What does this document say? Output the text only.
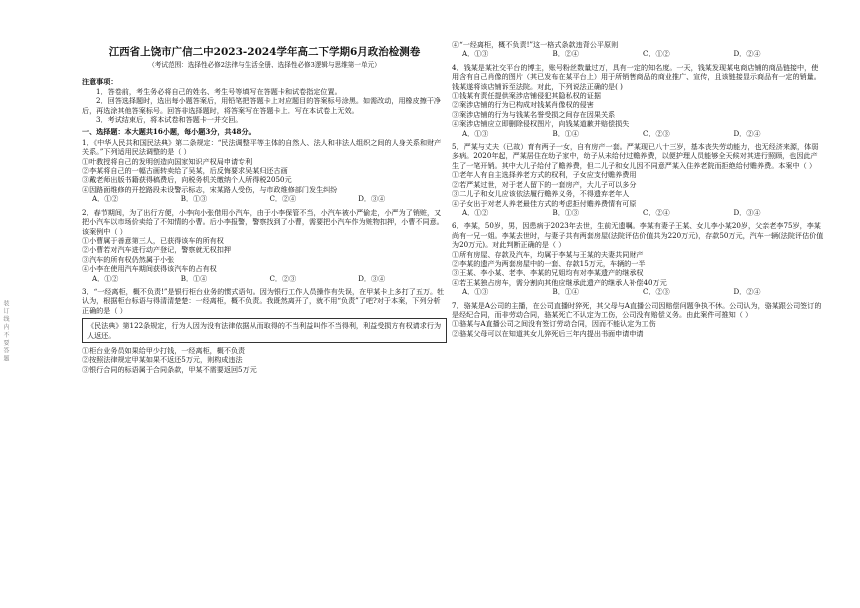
装 订 线 内 不 要 答 题
江西省上饶市广信二中2023-2024学年高二下学期6月政治检测卷
（考试范围：选择性必修2法律与生活全册、选择性必修3逻辑与思维第一单元）
注意事项：

1．答卷前，考生务必将自己的姓名、考生号等填写在答题卡和试卷指定位置。

2．回答选择题时，选出每小题答案后，用铅笔把答题卡上对应题目的答案标号涂黑。如需改动，用橡皮擦干净后，再选涂其他答案标号。回答非选择题时，将答案写在答题卡上．写在本试卷上无效。

3．考试结束后，将本试卷和答题卡一并交回。

一、选择题：本大题共16小题，每小题3分，共48分。

1．《中华人民共和国民法典》第二条规定：“民法调整平等主体的自然人、法人和非法人组织之间的人身关系和财产关系。”下列适用民法调整的是（ ）

①叶教授将自己的发明创造向国家知识产权局申请专利

②李某将自己的一幅古画转卖给了吴某，后反悔要求吴某归还古画

③戴老师出版书籍获得稿费后，向税务机关缴纳个人所得税2050元

④因路面维修的开挖路段未设警示标志，宋某路人受伤，与市政维修部门发生纠纷

A．①②	B．①③	C．②④	D．③④

2．春节期间，为了出行方便，小李向小张借用小汽车，由于小李保管不当，小汽车被小严偷走，小严为了销赃，又把小汽车以市场价卖给了不知情的小曹。后小李报警，警察找到了小曹，需要把小汽车作为赃物扣押，小曹不同意。该案例中（ ）

①小曹属于善意第三人，已获得该车的所有权

②小曹若对汽车进行动产登记，警察就无权扣押

③汽车的所有权仍然属于小张

④小李在使用汽车期间获得该汽车的占有权

A．①②	B．①④	C．②③	D．③④

3．“一经离柜，概不负责!”是银行柜台业务的惯式语句。因为银行工作人员操作有失误，在甲某卡上多打了五万。牡认为，根据柜台标语与得清清楚楚：一经离柜，概不负责。我既然离开了，就不用“负责”了吧?对于本案，下列分析正确的是（ ）

《民法典》第122条规定，行为人因为没有法律依据从而取得的不当利益叫作不当得利，利益受损方有权请求行为人返还。

①柜台业务员如果给甲少打钱，一经离柜，概不负责

②按照法律规定甲某如果不返还5万元，则构成违法

③银行合同的标语属于合同条款，甲某不需要返回5万元

④“一经离柜，概不负责!”这一格式条款违背公平原则

A．①③	B．②④	C．①②	D．②④

4．钱某是某社交平台的博主，账号粉丝数量过万，具有一定的知名度。一天，钱某发现某电商店铺的商品链接中，使用含有自己肖像的图片（其已发布在某平台上）用于所销售商品的商业推广、宣传，且该链接显示商品有一定的销量。钱某遂将该店铺诉至法院。对此，下列说法正确的是( )

①钱某有责任提供案涉店铺侵犯其隐私权的证据

②案涉店铺的行为已构成对钱某肖像权的侵害

③案涉店铺的行为与钱某名誉受损之间存在因果关系

④案涉店铺应立即删除侵权图片，向钱某道歉并赔偿损失

A．①③	B．①④	C．②③	D．②④

5．严某与丈夫（已故）育有两子一女，自有房产一套。严某现已八十三岁，基本丧失劳动能力，也无经济来源，体弱多病。2020年起，严某居住在幼子家中，幼子从未给付过赡养费，以便护理人员能够全天候对其进行照顾，也因此产生了一笔开销。其中大儿子给付了赡养费，但二儿子和女儿因不同意严某入住养老院而拒绝给付赡养费。本案中（ ）

①老年人有自主选择养老方式的权利，子女应支付赡养费用

②若严某过世，对于老人留下的一套房产，大儿子可以多分

③二儿子和女儿应该依法履行赡养义务，不得遗弃老年人

④子女出于对老人养老最佳方式的考虑拒付赡养费情有可原

A．①②	B．①③	C．②④	D．③④

6．李某，50岁，男，因患病于2023年去世，生前无遗嘱。李某有妻子王某、女儿李小某20岁，父亲老李75岁，李某尚有一兄一姐。李某去世时，与妻子共有两套房屋(法院评估价值共为220万元)，存款50万元，汽车一辆(法院评估价值为20万元)。对此判断正确的是（ ）

①所有房屋、存款及汽车，均属于李某与王某的夫妻共同财产

②李某的遗产为两套房屋中的一套、存款15万元，车辆的一半

③王某、李小某、老李、李某的兄姐均有对李某遗产的继承权

④若王某独占房车，需分割向其他应继承此遗产的继承人补偿40万元

A．①③	B．①④	C．②③	D．②④

7．骆某是A公司的主播，在公司直播时猝死，其父母与A直播公司因赔偿问题争执不休。公司认为，骆某跟公司签订的是经纪合同，而非劳动合同，骆某死亡不认定为工伤，公司没有赔偿义务。由此案件可推知（ ）

①骆某与A直播公司之间没有签订劳动合同，因而不能认定为工伤

②骆某父母可以在知道其女儿猝死后三年内提出书面申请申请
